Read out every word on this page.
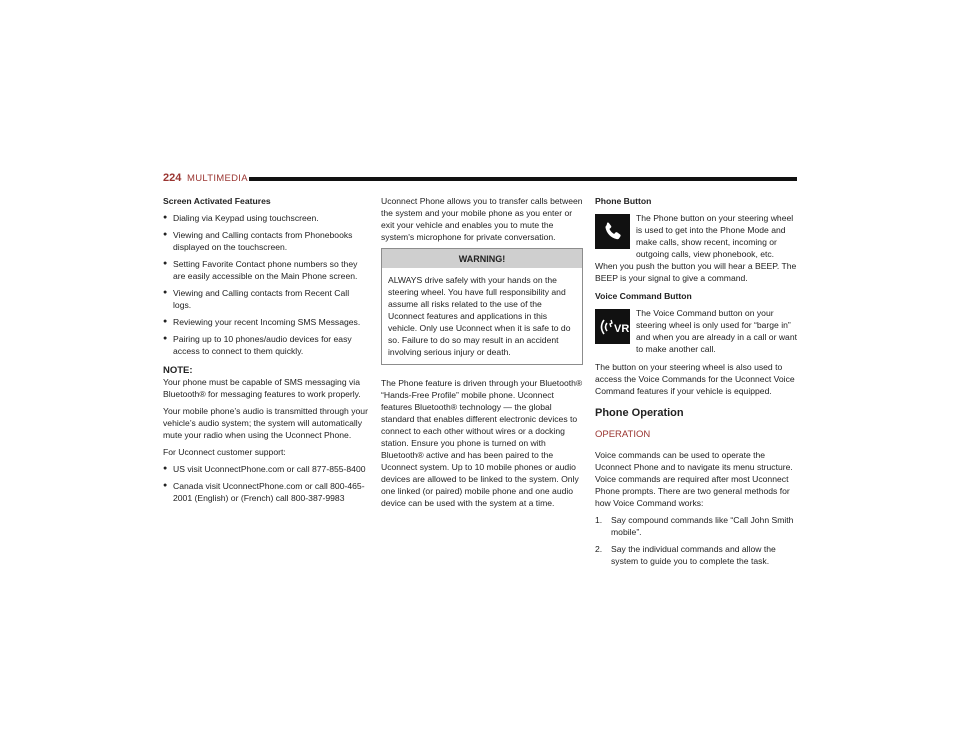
224 MULTIMEDIA
Screen Activated Features
● Dialing via Keypad using touchscreen.
● Viewing and Calling contacts from Phonebooks displayed on the touchscreen.
● Setting Favorite Contact phone numbers so they are easily accessible on the Main Phone screen.
● Viewing and Calling contacts from Recent Call logs.
● Reviewing your recent Incoming SMS Messages.
● Pairing up to 10 phones/audio devices for easy access to connect to them quickly.
NOTE:

Your phone must be capable of SMS messaging via Bluetooth® for messaging features to work properly.

Your mobile phone’s audio is transmitted through your vehicle’s audio system; the system will automatically mute your radio when using the Uconnect Phone.

For Uconnect customer support:

● US visit UconnectPhone.com or call 877-855-8400
● Canada visit UconnectPhone.com or call 800-465-2001 (English) or (French) call 800-387-9983

Uconnect Phone allows you to transfer calls between the system and your mobile phone as you enter or exit your vehicle and enables you to mute the system's microphone for private conversation.

WARNING!
ALWAYS drive safely with your hands on the steering wheel. You have full responsibility and assume all risks related to the use of the Uconnect features and applications in this vehicle. Only use Uconnect when it is safe to do so. Failure to do so may result in an accident involving serious injury or death.

The Phone feature is driven through your Bluetooth® “Hands-Free Profile” mobile phone. Uconnect features Bluetooth® technology — the global standard that enables different electronic devices to connect to each other without wires or a docking station. Ensure you phone is turned on with Bluetooth® active and has been paired to the Uconnect system. Up to 10 mobile phones or audio devices are allowed to be linked to the system. Only one linked (or paired) mobile phone and one audio device can be used with the system at a time.

Phone Button
The Phone button on your steering wheel is used to get into the Phone Mode and make calls, show recent, incoming or outgoing calls, view phonebook, etc. When you push the button you will hear a BEEP. The BEEP is your signal to give a command.
Voice Command Button
VR
The Voice Command button on your steering wheel is only used for “barge in” and when you are already in a call or want to make another call.

The button on your steering wheel is also used to access the Voice Commands for the Uconnect Voice Command features if your vehicle is equipped.

Phone Operation
OPERATION

Voice commands can be used to operate the Uconnect Phone and to navigate its menu structure. Voice commands are required after most Uconnect Phone prompts. There are two general methods for how Voice Command works:

1. Say compound commands like “Call John Smith mobile”.
2. Say the individual commands and allow the system to guide you to complete the task.
